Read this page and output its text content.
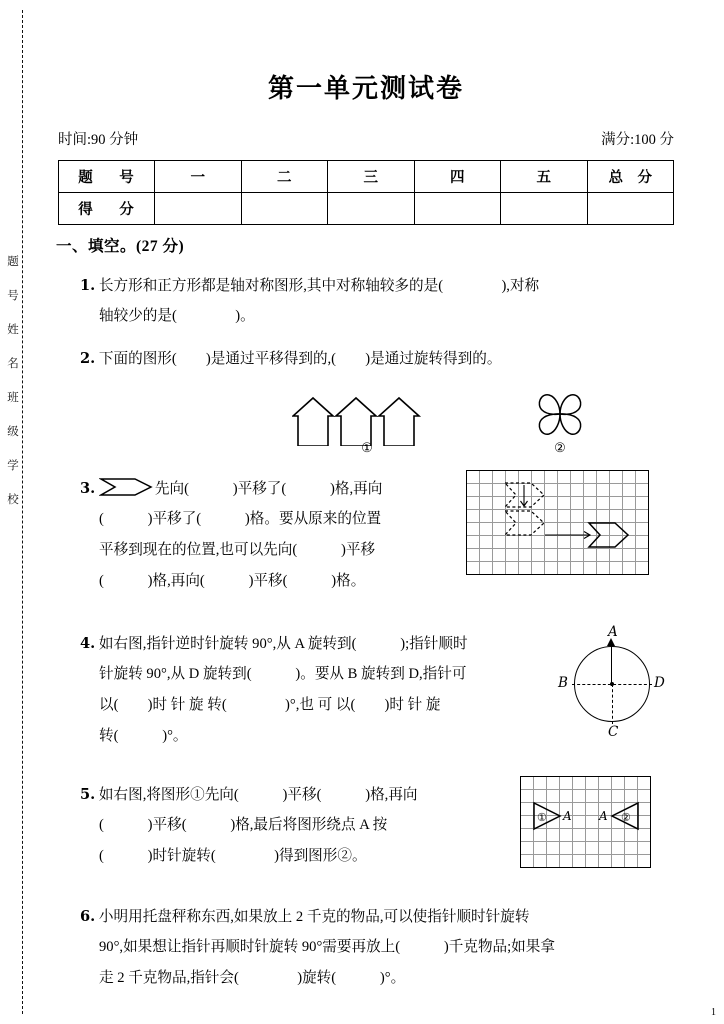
题
号
姓
名
班
级
学
校
第一单元测试卷
时间:90 分钟	满分:100 分
题　号	一	二	三	四	五	总　分
得　分						
一、填空。(27 分)
1. 长方形和正方形都是轴对称图形,其中对称轴较多的是(　　　　),对称
轴较少的是(　　　　)。
2. 下面的图形(　　)是通过平移得到的,(　　)是通过旋转得到的。
①	②
3.	先向(　　　)平移了(　　　)格,再向
(　　　)平移了(　　　)格。要从原来的位置
平移到现在的位置,也可以先向(　　　)平移
(　　　)格,再向(　　　)平移(　　　)格。
4. 如右图,指针逆时针旋转 90°,从 A 旋转到(　　　);指针顺时
针旋转 90°,从 D 旋转到(　　　)。要从 B 旋转到 D,指针可
以(　　)时 针 旋 转(　　　　)°,也 可 以(　　)时 针 旋
转(　　　)°。
A
B	D
C
5. 如右图,将图形①先向(　　　)平移(　　　)格,再向
(　　　)平移(　　　)格,最后将图形绕点 A 按
(　　　)时针旋转(　　　　)得到图形②。
① A A ②
6. 小明用托盘秤称东西,如果放上 2 千克的物品,可以使指针顺时针旋转
90°,如果想让指针再顺时针旋转 90°需要再放上(　　　)千克物品;如果拿
走 2 千克物品,指针会(　　　　)旋转(　　　)°。
1
